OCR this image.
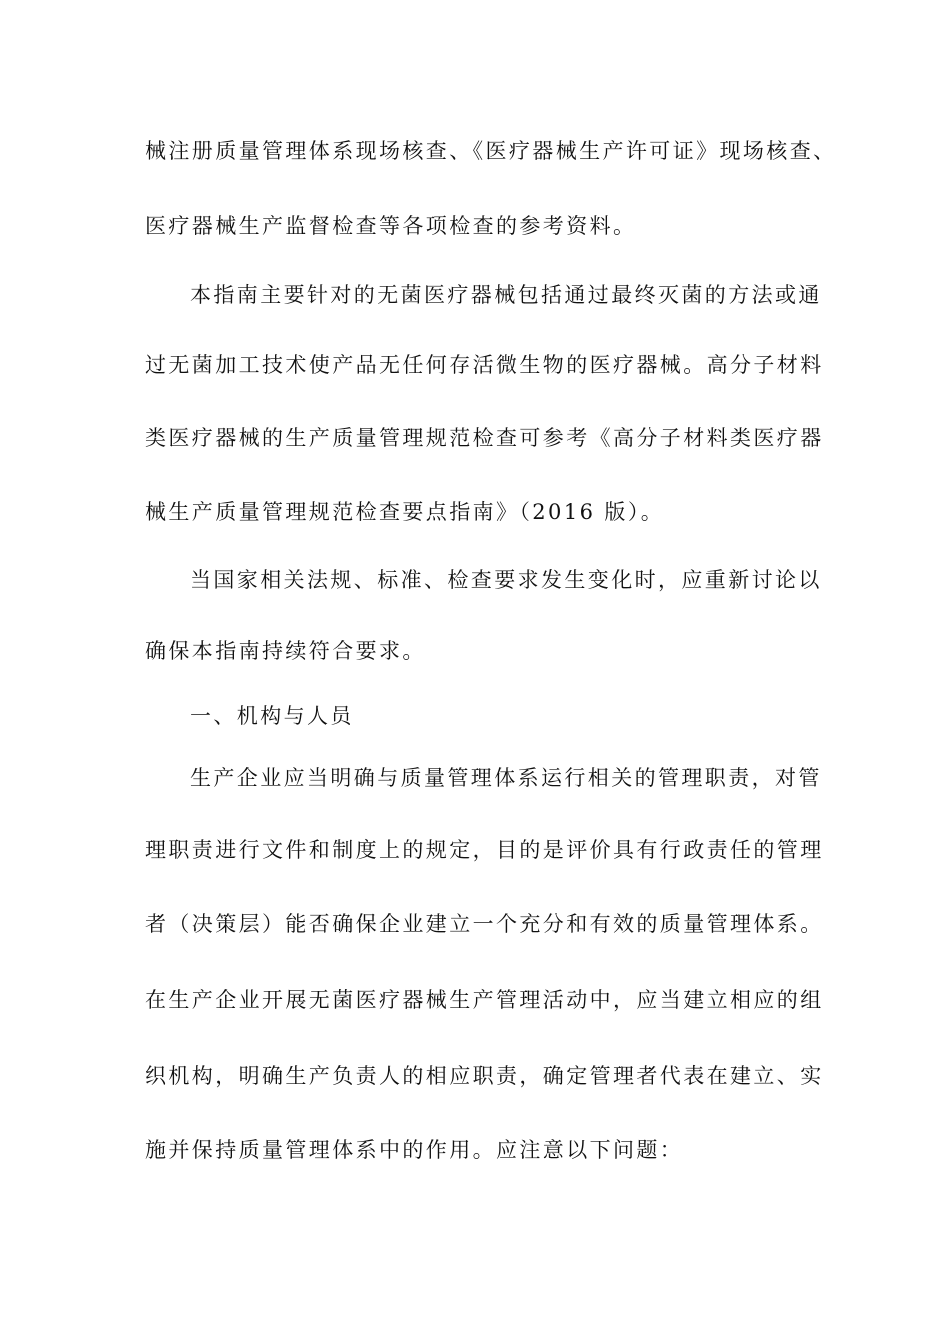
械注册质量管理体系现场核查、《医疗器械生产许可证》现场核查、
医疗器械生产监督检查等各项检查的参考资料。
本指南主要针对的无菌医疗器械包括通过最终灭菌的方法或通
过无菌加工技术使产品无任何存活微生物的医疗器械。高分子材料
类医疗器械的生产质量管理规范检查可参考《高分子材料类医疗器
械生产质量管理规范检查要点指南》（2016 版）。
当国家相关法规、标准、检查要求发生变化时，应重新讨论以
确保本指南持续符合要求。
一、机构与人员
生产企业应当明确与质量管理体系运行相关的管理职责，对管
理职责进行文件和制度上的规定，目的是评价具有行政责任的管理
者（决策层）能否确保企业建立一个充分和有效的质量管理体系。
在生产企业开展无菌医疗器械生产管理活动中，应当建立相应的组
织机构，明确生产负责人的相应职责，确定管理者代表在建立、实
施并保持质量管理体系中的作用。应注意以下问题：
